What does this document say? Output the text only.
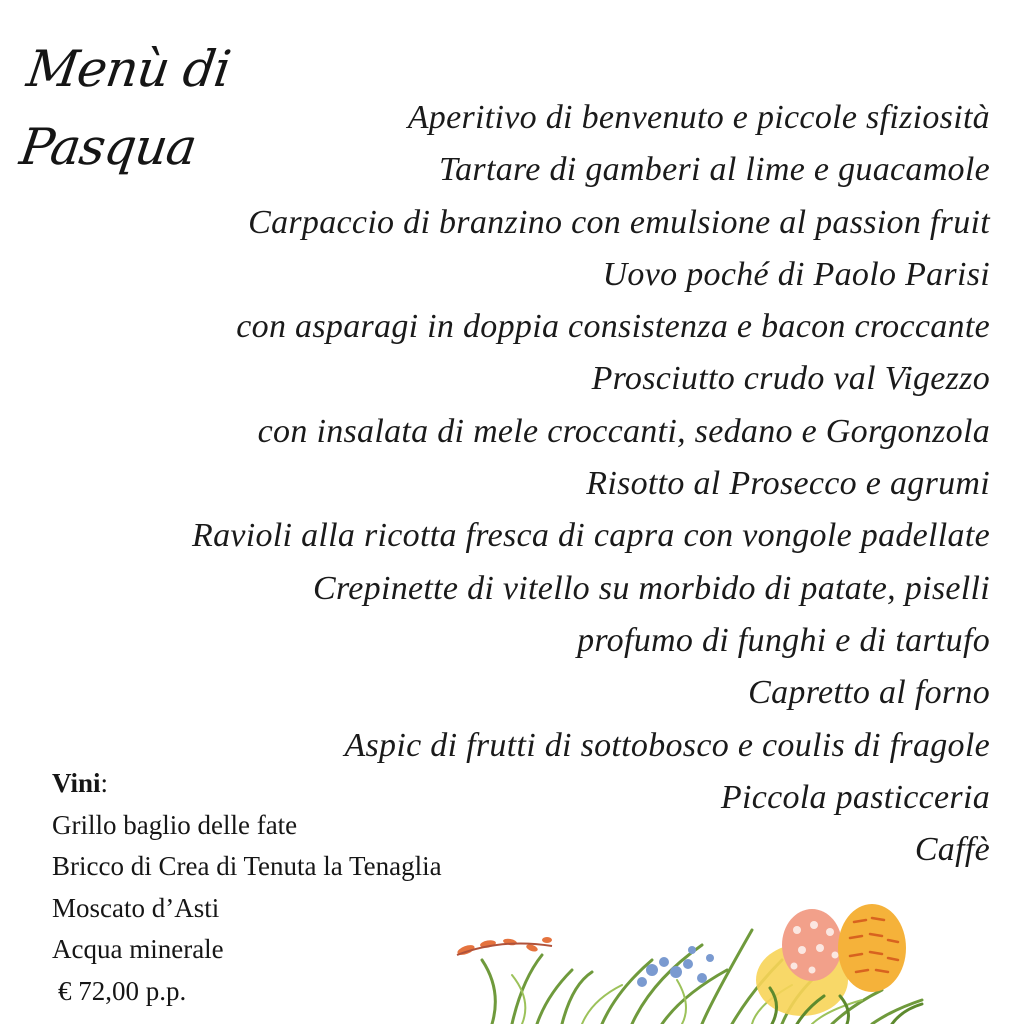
Menù di
Pasqua
Aperitivo di benvenuto e piccole sfiziosità
Tartare di gamberi al lime e guacamole
Carpaccio di branzino con emulsione al passion fruit
Uovo poché di Paolo Parisi
con asparagi in doppia consistenza e bacon croccante
Prosciutto crudo val Vigezzo
con insalata di mele croccanti, sedano e Gorgonzola
Risotto al Prosecco e agrumi
Ravioli alla ricotta fresca di capra con vongole padellate
Crepinette di vitello su morbido di patate, piselli
profumo di funghi e di tartufo
Capretto al forno
Aspic di frutti di sottobosco e coulis di fragole
Piccola pasticceria
Caffè
Vini:
Grillo baglio delle fate
Bricco di Crea di Tenuta la Tenaglia
Moscato d’Asti
Acqua minerale
€ 72,00 p.p.
